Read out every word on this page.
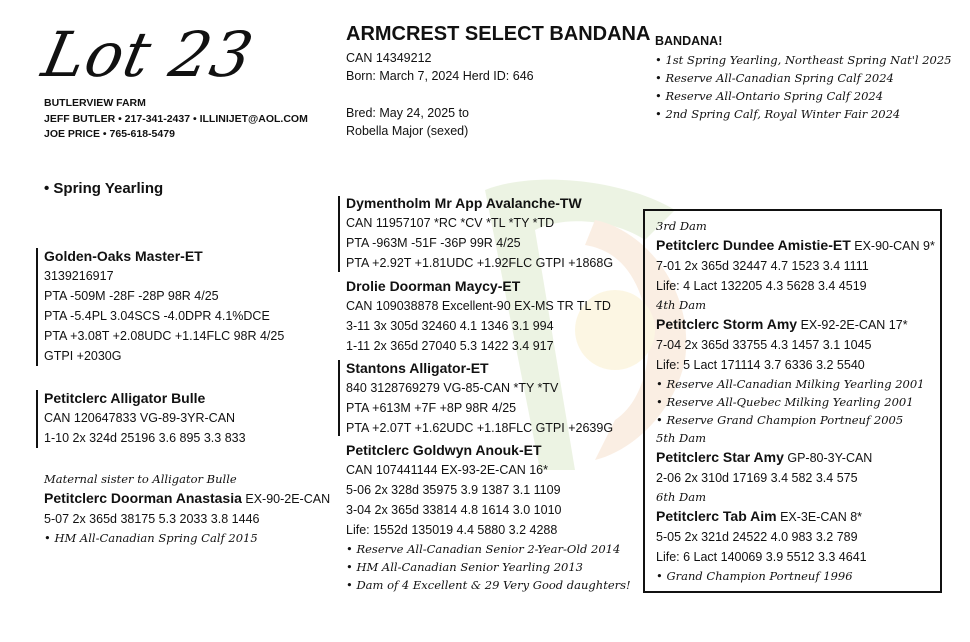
Lot 23
BUTLERVIEW FARM
JEFF BUTLER • 217-341-2437 • ILLINIJET@AOL.COM
JOE PRICE • 765-618-5479
• Spring Yearling
ARMCREST SELECT BANDANA
CAN 14349212
Born: March 7, 2024 Herd ID: 646
Bred: May 24, 2025 to
Robella Major (sexed)
BANDANA!
• 1st Spring Yearling, Northeast Spring Nat'l 2025
• Reserve All-Canadian Spring Calf 2024
• Reserve All-Ontario Spring Calf 2024
• 2nd Spring Calf, Royal Winter Fair 2024
Golden-Oaks Master-ET
3139216917
PTA -509M -28F -28P 98R 4/25
PTA -5.4PL 3.04SCS -4.0DPR 4.1%DCE
PTA +3.08T +2.08UDC +1.14FLC 98R 4/25
GTPI +2030G
Petitclerc Alligator Bulle
CAN 120647833 VG-89-3YR-CAN
1-10 2x 324d 25196 3.6 895 3.3 833
Maternal sister to Alligator Bulle
Petitclerc Doorman Anastasia EX-90-2E-CAN
5-07 2x 365d 38175 5.3 2033 3.8 1446
• HM All-Canadian Spring Calf 2015
Dymentholm Mr App Avalanche-TW
CAN 11957107 *RC *CV *TL *TY *TD
PTA -963M -51F -36P 99R 4/25
PTA +2.92T +1.81UDC +1.92FLC GTPI +1868G
Drolie Doorman Maycy-ET
CAN 109038878 Excellent-90 EX-MS TR TL TD
3-11 3x 305d 32460 4.1 1346 3.1 994
1-11 2x 365d 27040 5.3 1422 3.4 917
Stantons Alligator-ET
840 3128769279 VG-85-CAN *TY *TV
PTA +613M +7F +8P 98R 4/25
PTA +2.07T +1.62UDC +1.18FLC GTPI +2639G
Petitclerc Goldwyn Anouk-ET
CAN 107441144 EX-93-2E-CAN 16*
5-06 2x 328d 35975 3.9 1387 3.1 1109
3-04 2x 365d 33814 4.8 1614 3.0 1010
Life: 1552d 135019 4.4 5880 3.2 4288
• Reserve All-Canadian Senior 2-Year-Old 2014
• HM All-Canadian Senior Yearling 2013
• Dam of 4 Excellent & 29 Very Good daughters!
3rd Dam
Petitclerc Dundee Amistie-ET EX-90-CAN 9*
7-01 2x 365d 32447 4.7 1523 3.4 1111
Life: 4 Lact 132205 4.3 5628 3.4 4519
4th Dam
Petitclerc Storm Amy EX-92-2E-CAN 17*
7-04 2x 365d 33755 4.3 1457 3.1 1045
Life: 5 Lact 171114 3.7 6336 3.2 5540
• Reserve All-Canadian Milking Yearling 2001
• Reserve All-Quebec Milking Yearling 2001
• Reserve Grand Champion Portneuf 2005
5th Dam
Petitclerc Star Amy GP-80-3Y-CAN
2-06 2x 310d 17169 3.4 582 3.4 575
6th Dam
Petitclerc Tab Aim EX-3E-CAN 8*
5-05 2x 321d 24522 4.0 983 3.2 789
Life: 6 Lact 140069 3.9 5512 3.3 4641
• Grand Champion Portneuf 1996
